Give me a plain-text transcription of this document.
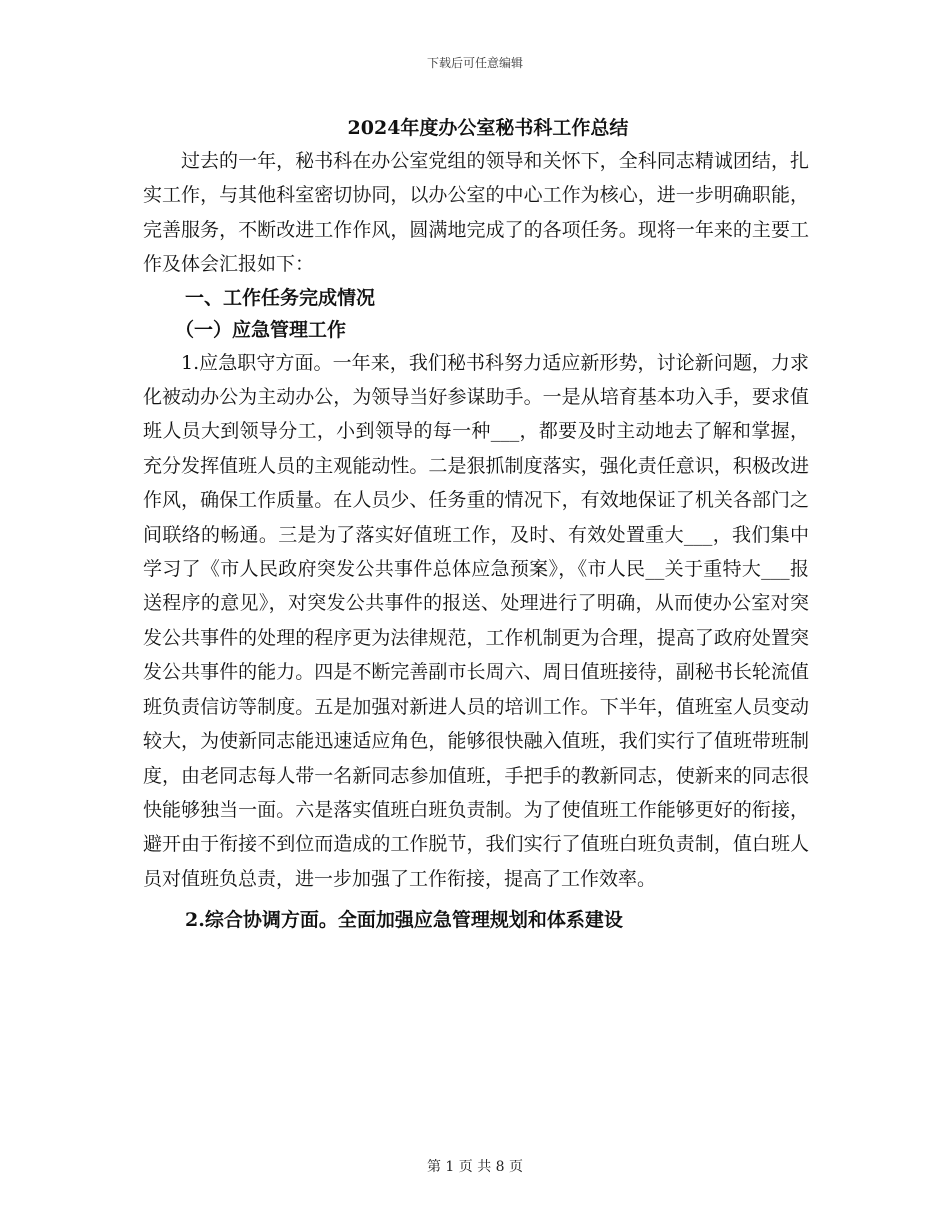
下载后可任意编辑
2024年度办公室秘书科工作总结

过去的一年，秘书科在办公室党组的领导和关怀下，全科同志精诚团结，扎实工作，与其他科室密切协同，以办公室的中心工作为核心，进一步明确职能，完善服务，不断改进工作作风，圆满地完成了的各项任务。现将一年来的主要工作及体会汇报如下：

一、工作任务完成情况
（一）应急管理工作

1.应急职守方面。一年来，我们秘书科努力适应新形势，讨论新问题，力求化被动办公为主动办公，为领导当好参谋助手。一是从培育基本功入手，要求值班人员大到领导分工，小到领导的每一种___，都要及时主动地去了解和掌握，充分发挥值班人员的主观能动性。二是狠抓制度落实，强化责任意识，积极改进作风，确保工作质量。在人员少、任务重的情况下，有效地保证了机关各部门之间联络的畅通。三是为了落实好值班工作，及时、有效处置重大___，我们集中学习了《市人民政府突发公共事件总体应急预案》，《市人民__关于重特大___报送程序的意见》，对突发公共事件的报送、处理进行了明确，从而使办公室对突发公共事件的处理的程序更为法律规范，工作机制更为合理，提高了政府处置突发公共事件的能力。四是不断完善副市长周六、周日值班接待，副秘书长轮流值班负责信访等制度。五是加强对新进人员的培训工作。下半年，值班室人员变动较大，为使新同志能迅速适应角色，能够很快融入值班，我们实行了值班带班制度，由老同志每人带一名新同志参加值班，手把手的教新同志，使新来的同志很快能够独当一面。六是落实值班白班负责制。为了使值班工作能够更好的衔接，避开由于衔接不到位而造成的工作脱节，我们实行了值班白班负责制，值白班人员对值班负总责，进一步加强了工作衔接，提高了工作效率。

2.综合协调方面。全面加强应急管理规划和体系建设
第 1 页 共 8 页
